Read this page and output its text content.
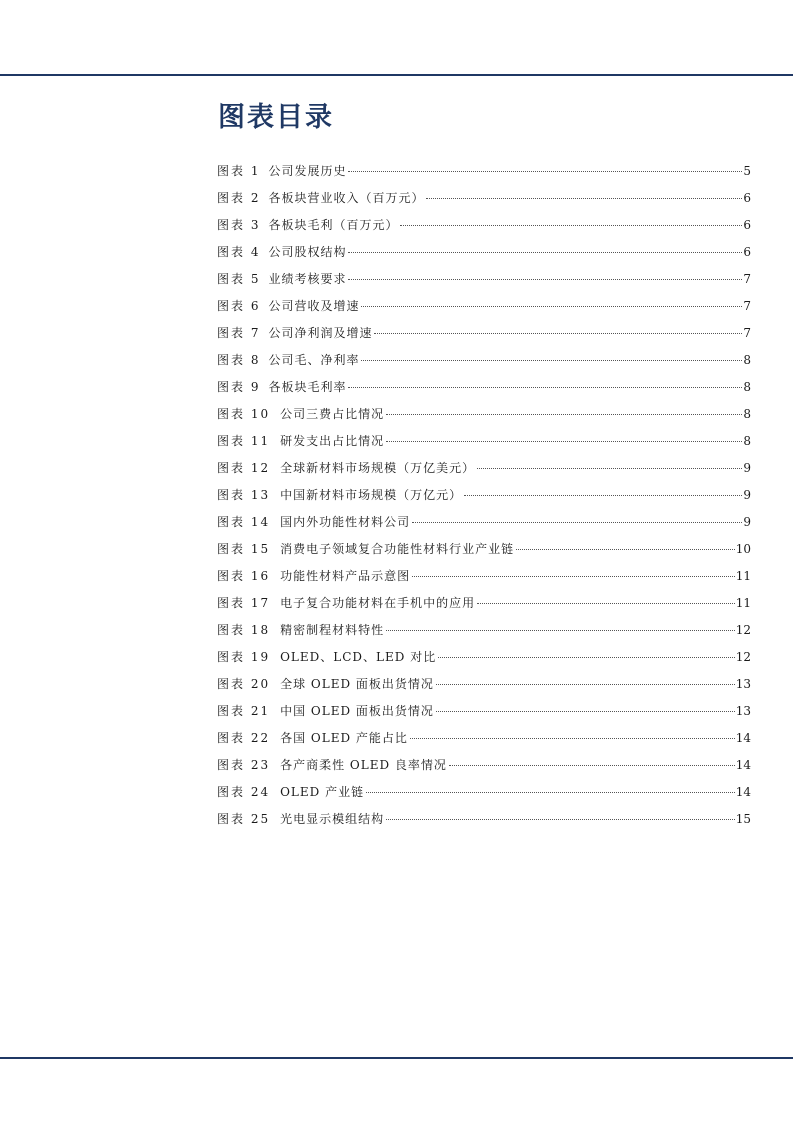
图表目录
图表 1 公司发展历史	5
图表 2 各板块营业收入（百万元）	6
图表 3 各板块毛利（百万元）	6
图表 4 公司股权结构	6
图表 5 业绩考核要求	7
图表 6 公司营收及增速	7
图表 7 公司净利润及增速	7
图表 8 公司毛、净利率	8
图表 9 各板块毛利率	8
图表 10 公司三费占比情况	8
图表 11 研发支出占比情况	8
图表 12 全球新材料市场规模（万亿美元）	9
图表 13 中国新材料市场规模（万亿元）	9
图表 14 国内外功能性材料公司	9
图表 15 消费电子领域复合功能性材料行业产业链	10
图表 16 功能性材料产品示意图	11
图表 17 电子复合功能材料在手机中的应用	11
图表 18 精密制程材料特性	12
图表 19 OLED、LCD、LED 对比	12
图表 20 全球 OLED 面板出货情况	13
图表 21 中国 OLED 面板出货情况	13
图表 22 各国 OLED 产能占比	14
图表 23 各产商柔性 OLED 良率情况	14
图表 24 OLED 产业链	14
图表 25 光电显示模组结构	15
